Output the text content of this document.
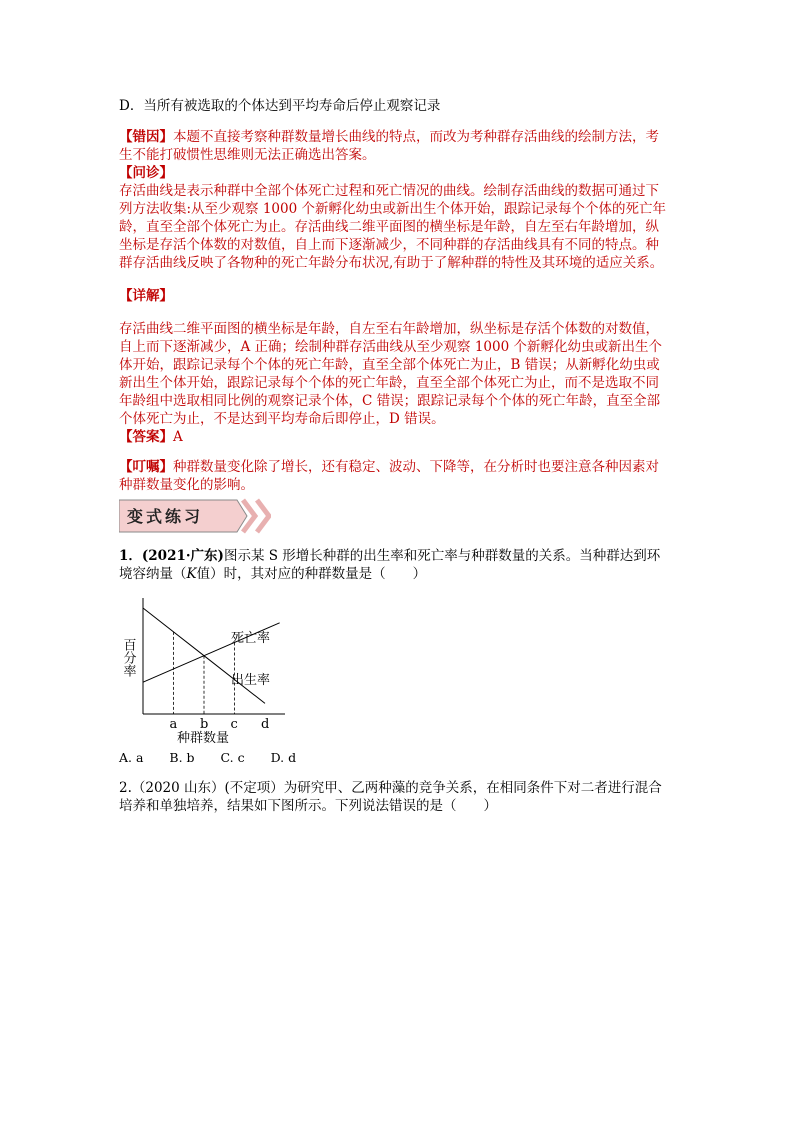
D．当所有被选取的个体达到平均寿命后停止观察记录
【错因】本题不直接考察种群数量增长曲线的特点，而改为考种群存活曲线的绘制方法，考
生不能打破惯性思维则无法正确选出答案。
【问诊】
存活曲线是表示种群中全部个体死亡过程和死亡情况的曲线。绘制存活曲线的数据可通过下
列方法收集:从至少观察 1000 个新孵化幼虫或新出生个体开始，跟踪记录每个个体的死亡年
龄，直至全部个体死亡为止。存活曲线二维平面图的横坐标是年龄，自左至右年龄增加，纵
坐标是存活个体数的对数值，自上而下逐渐减少，不同种群的存活曲线具有不同的特点。种
群存活曲线反映了各物种的死亡年龄分布状况,有助于了解种群的特性及其环境的适应关系。
【详解】
存活曲线二维平面图的横坐标是年龄，自左至右年龄增加，纵坐标是存活个体数的对数值，
自上而下逐渐减少，A 正确；绘制种群存活曲线从至少观察 1000 个新孵化幼虫或新出生个
体开始，跟踪记录每个个体的死亡年龄，直至全部个体死亡为止，B 错误；从新孵化幼虫或
新出生个体开始，跟踪记录每个个体的死亡年龄，直至全部个体死亡为止，而不是选取不同
年龄组中选取相同比例的观察记录个体，C 错误；跟踪记录每个个体的死亡年龄，直至全部
个体死亡为止，不是达到平均寿命后即停止，D 错误。
【答案】A
【叮嘱】种群数量变化除了增长，还有稳定、波动、下降等，在分析时也要注意各种因素对
种群数量变化的影响。
变式练习
1．(2021·广东)图示某 S 形增长种群的出生率和死亡率与种群数量的关系。当种群达到环
境容纳量（K值）时，其对应的种群数量是（　　）
死亡率
出生率
百分率
a b c d
种群数量
A. a B. b C. c D. d
2.（2020 山东）(不定项）为研究甲、乙两种藻的竞争关系，在相同条件下对二者进行混合
培养和单独培养，结果如下图所示。下列说法错误的是（　　）
